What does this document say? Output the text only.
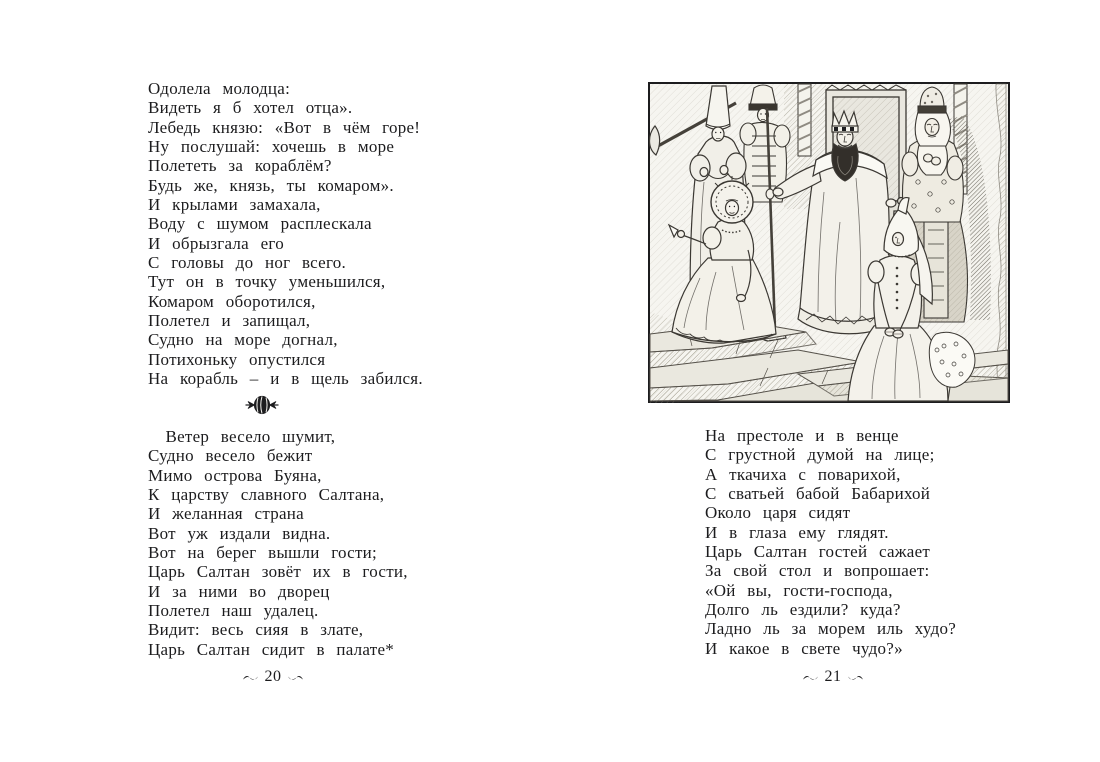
Одолела молодца:
Видеть я б хотел отца».
Лебедь князю: «Вот в чём горе!
Ну послушай: хочешь в море
Полететь за кораблём?
Будь же, князь, ты комаром».
И крылами замахала,
Воду с шумом расплескала
И обрызгала его
С головы до ног всего.
Тут он в точку уменьшился,
Комаром оборотился,
Полетел и запищал,
Судно на море догнал,
Потихоньку опустился
На корабль – и в щель забился.
  Ветер весело шумит,
Судно весело бежит
Мимо острова Буяна,
К царству славного Салтана,
И желанная страна
Вот уж издали видна.
Вот на берег вышли гости;
Царь Салтан зовёт их в гости,
И за ними во дворец
Полетел наш удалец.
Видит: весь сияя в злате,
Царь Салтан сидит в палате*
20
На престоле и в венце
С грустной думой на лице;
А ткачиха с поварихой,
С сватьей бабой Бабарихой
Около царя сидят
И в глаза ему глядят.
Царь Салтан гостей сажает
За свой стол и вопрошает:
«Ой вы, гости-господа,
Долго ль ездили? куда?
Ладно ль за морем иль худо?
И какое в свете чудо?»
21
